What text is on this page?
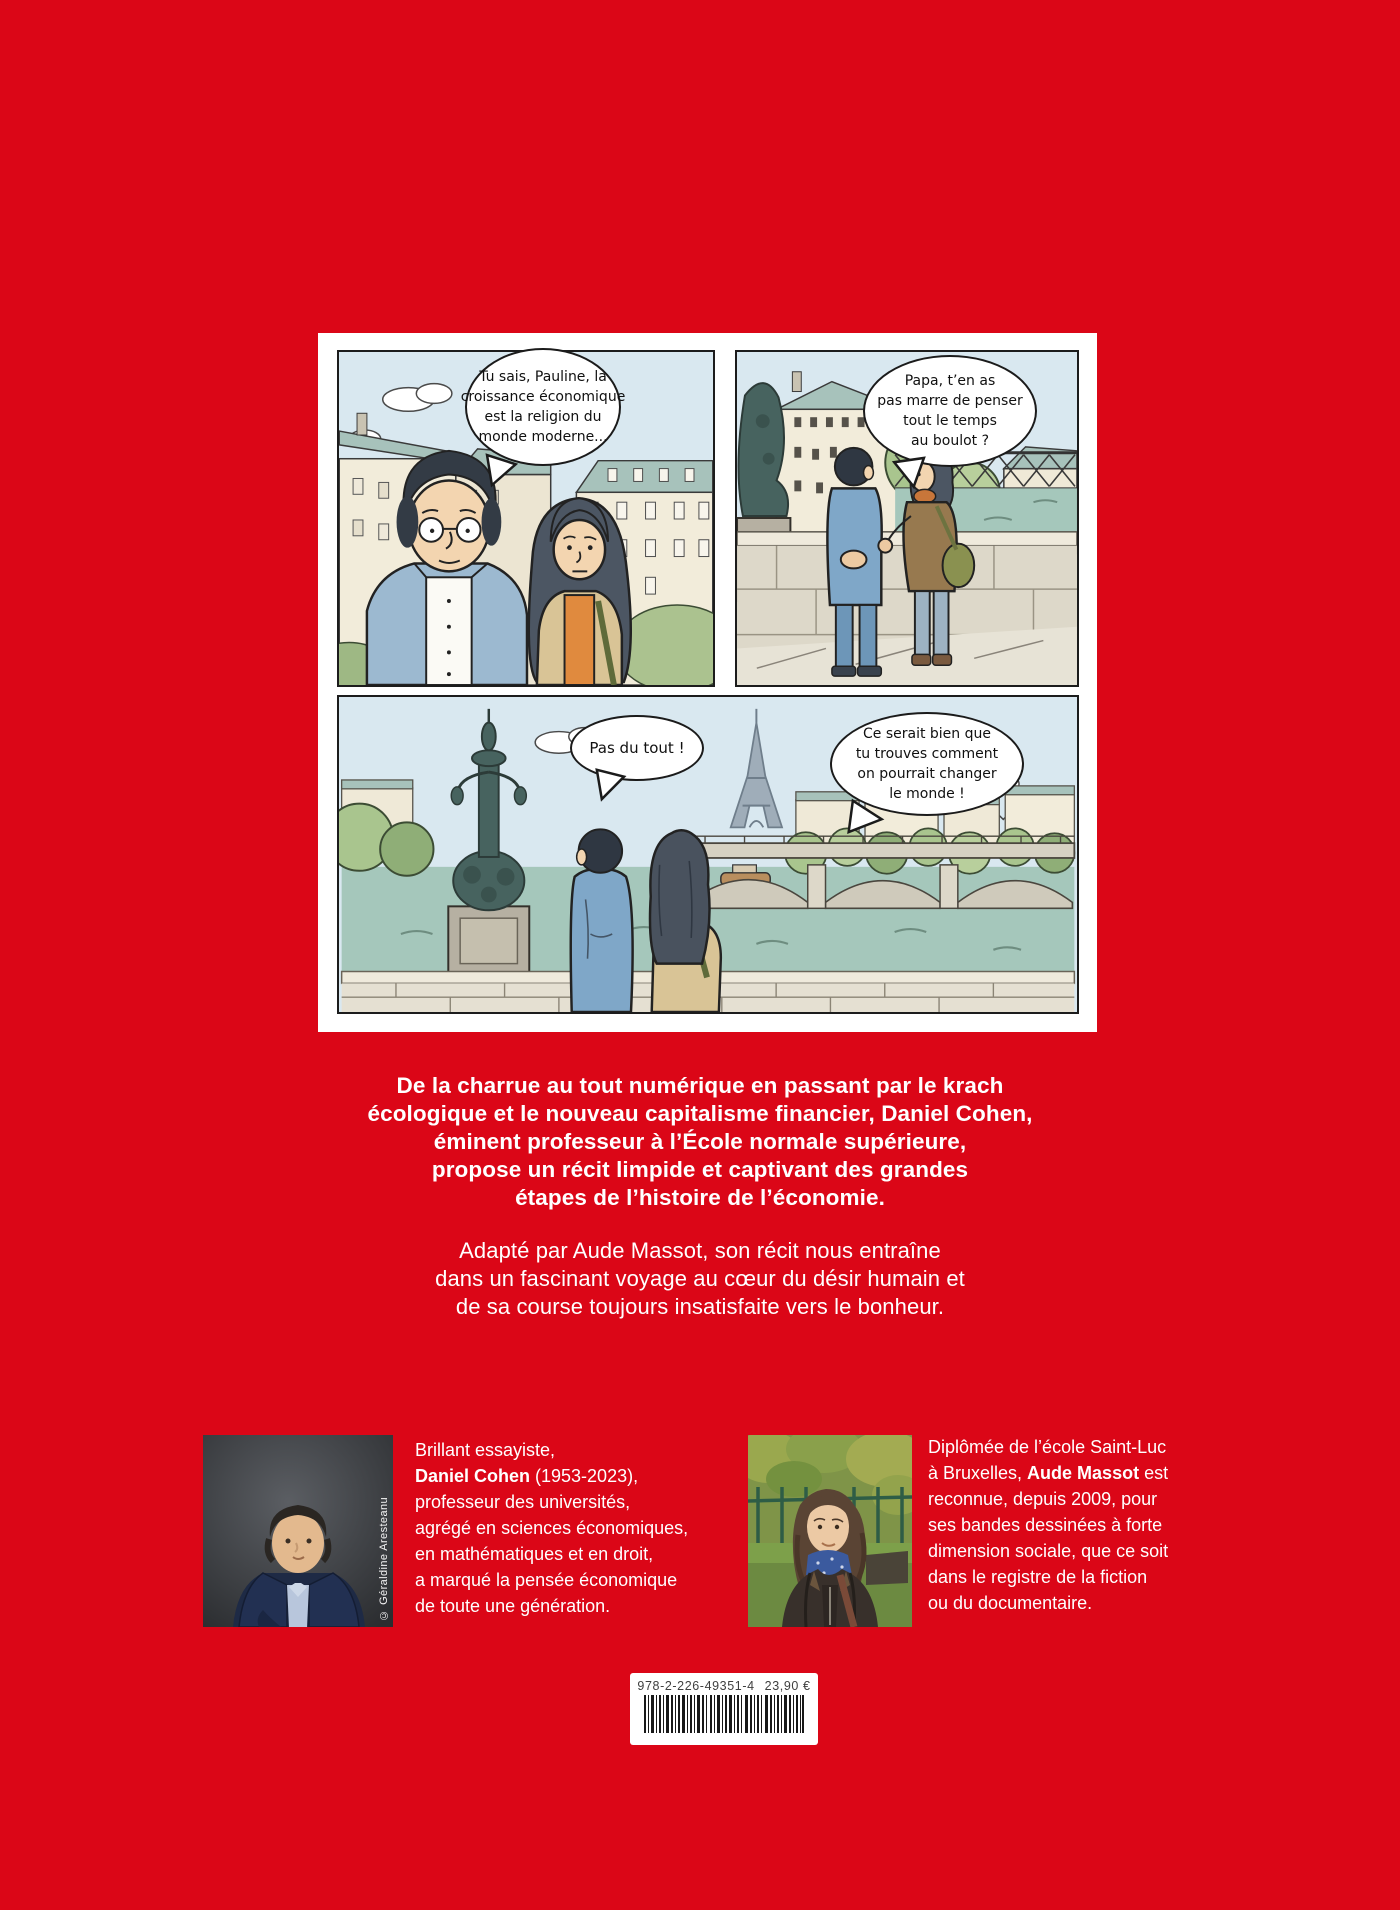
Tu sais, Pauline, la
croissance économique
est la religion du
monde moderne...
Papa, t’en as
pas marre de penser
tout le temps
au boulot ?
Pas du tout !
Ce serait bien que
tu trouves comment
on pourrait changer
le monde !
De la charrue au tout numérique en passant par le krach
écologique et le nouveau capitalisme financier, Daniel Cohen,
éminent professeur à l’École normale supérieure,
propose un récit limpide et captivant des grandes
étapes de l’histoire de l’économie.
Adapté par Aude Massot, son récit nous entraîne
dans un fascinant voyage au cœur du désir humain et
de sa course toujours insatisfaite vers le bonheur.
© Géraldine Aresteanu
Brillant essayiste,
Daniel Cohen (1953-2023),
professeur des universités,
agrégé en sciences économiques,
en mathématiques et en droit,
a marqué la pensée économique
de toute une génération.
Diplômée de l’école Saint-Luc
à Bruxelles, Aude Massot est
reconnue, depuis 2009, pour
ses bandes dessinées à forte
dimension sociale, que ce soit
dans le registre de la fiction
ou du documentaire.
978-2-226-49351-4 23,90 €
